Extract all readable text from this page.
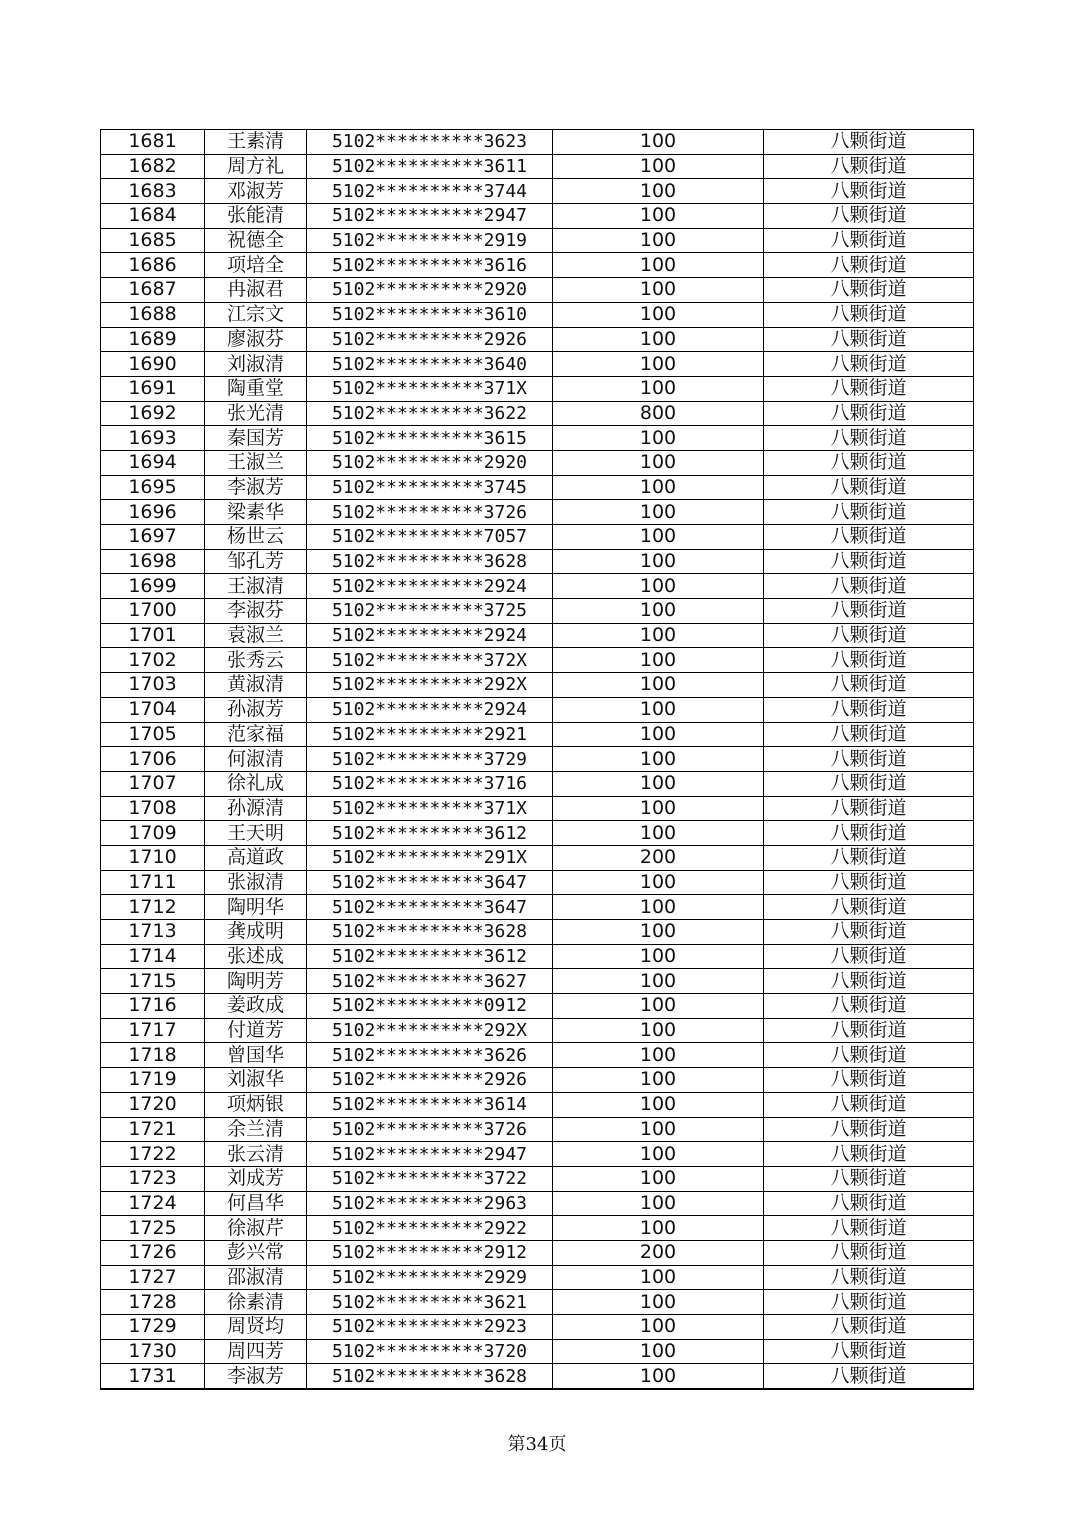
1681	王素清	5102**********3623	100	八颗街道
1682	周方礼	5102**********3611	100	八颗街道
1683	邓淑芳	5102**********3744	100	八颗街道
1684	张能清	5102**********2947	100	八颗街道
1685	祝德全	5102**********2919	100	八颗街道
1686	项培全	5102**********3616	100	八颗街道
1687	冉淑君	5102**********2920	100	八颗街道
1688	江宗文	5102**********3610	100	八颗街道
1689	廖淑芬	5102**********2926	100	八颗街道
1690	刘淑清	5102**********3640	100	八颗街道
1691	陶重堂	5102**********371X	100	八颗街道
1692	张光清	5102**********3622	800	八颗街道
1693	秦国芳	5102**********3615	100	八颗街道
1694	王淑兰	5102**********2920	100	八颗街道
1695	李淑芳	5102**********3745	100	八颗街道
1696	梁素华	5102**********3726	100	八颗街道
1697	杨世云	5102**********7057	100	八颗街道
1698	邹孔芳	5102**********3628	100	八颗街道
1699	王淑清	5102**********2924	100	八颗街道
1700	李淑芬	5102**********3725	100	八颗街道
1701	袁淑兰	5102**********2924	100	八颗街道
1702	张秀云	5102**********372X	100	八颗街道
1703	黄淑清	5102**********292X	100	八颗街道
1704	孙淑芳	5102**********2924	100	八颗街道
1705	范家福	5102**********2921	100	八颗街道
1706	何淑清	5102**********3729	100	八颗街道
1707	徐礼成	5102**********3716	100	八颗街道
1708	孙源清	5102**********371X	100	八颗街道
1709	王天明	5102**********3612	100	八颗街道
1710	高道政	5102**********291X	200	八颗街道
1711	张淑清	5102**********3647	100	八颗街道
1712	陶明华	5102**********3647	100	八颗街道
1713	龚成明	5102**********3628	100	八颗街道
1714	张述成	5102**********3612	100	八颗街道
1715	陶明芳	5102**********3627	100	八颗街道
1716	姜政成	5102**********0912	100	八颗街道
1717	付道芳	5102**********292X	100	八颗街道
1718	曾国华	5102**********3626	100	八颗街道
1719	刘淑华	5102**********2926	100	八颗街道
1720	项炳银	5102**********3614	100	八颗街道
1721	余兰清	5102**********3726	100	八颗街道
1722	张云清	5102**********2947	100	八颗街道
1723	刘成芳	5102**********3722	100	八颗街道
1724	何昌华	5102**********2963	100	八颗街道
1725	徐淑芹	5102**********2922	100	八颗街道
1726	彭兴常	5102**********2912	200	八颗街道
1727	邵淑清	5102**********2929	100	八颗街道
1728	徐素清	5102**********3621	100	八颗街道
1729	周贤均	5102**********2923	100	八颗街道
1730	周四芳	5102**********3720	100	八颗街道
1731	李淑芳	5102**********3628	100	八颗街道
第34页
